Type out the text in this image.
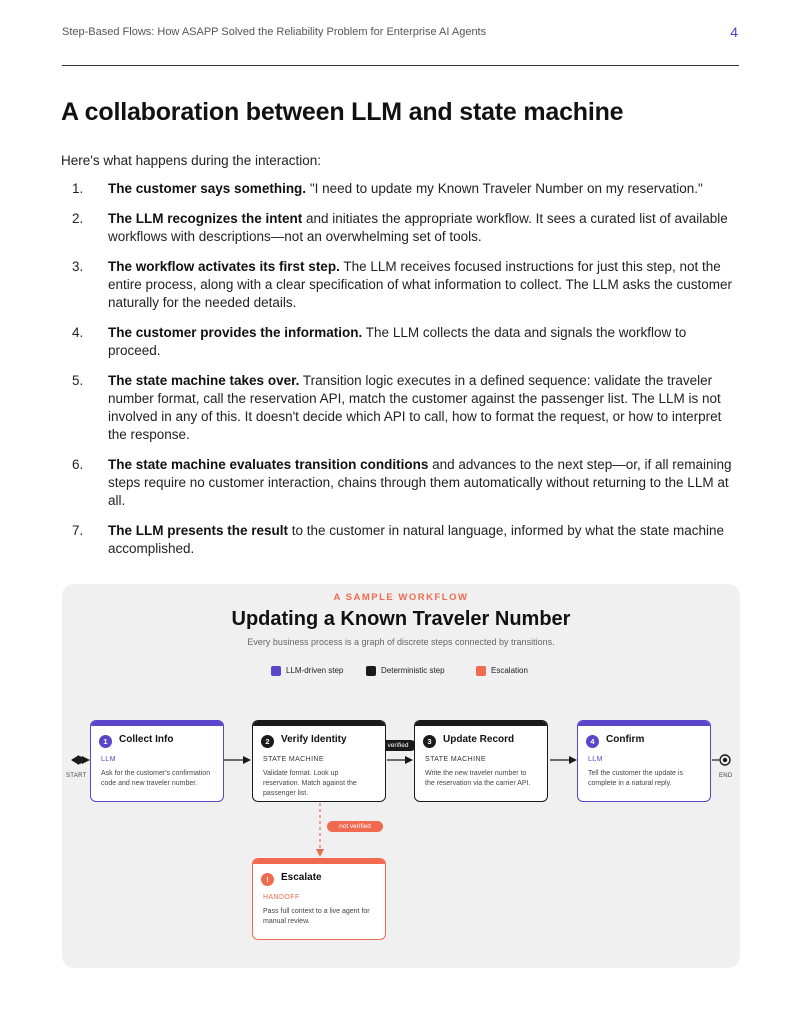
Step-Based Flows: How ASAPP Solved the Reliability Problem for Enterprise AI Agents	4
A collaboration between LLM and state machine

Here's what happens during the interaction:

1. The customer says something. "I need to update my Known Traveler Number on my reservation."
2. The LLM recognizes the intent and initiates the appropriate workflow. It sees a curated list of available workflows with descriptions—not an overwhelming set of tools.
3. The workflow activates its first step. The LLM receives focused instructions for just this step, not the entire process, along with a clear specification of what information to collect. The LLM asks the customer naturally for the needed details.
4. The customer provides the information. The LLM collects the data and signals the workflow to proceed.
5. The state machine takes over. Transition logic executes in a defined sequence: validate the traveler number format, call the reservation API, match the customer against the passenger list. The LLM is not involved in any of this. It doesn't decide which API to call, how to format the request, or how to interpret the response.
6. The state machine evaluates transition conditions and advances to the next step—or, if all remaining steps require no customer interaction, chains through them automatically without returning to the LLM at all.
7. The LLM presents the result to the customer in natural language, informed by what the state machine accomplished.
A SAMPLE WORKFLOW
Updating a Known Traveler Number
Every business process is a graph of discrete steps connected by transitions.
LLM-driven step	Deterministic step	Escalation
START	END
verified
not verified
1	Collect Info
LLM
Ask for the customer's confirmation code and new traveler number.
2	Verify Identity
STATE MACHINE
Validate format. Look up reservation. Match against the passenger list.
3	Update Record
STATE MACHINE
Write the new traveler number to the reservation via the carrier API.
4	Confirm
LLM
Tell the customer the update is complete in a natural reply.
!	Escalate
HANDOFF
Pass full context to a live agent for manual review.
